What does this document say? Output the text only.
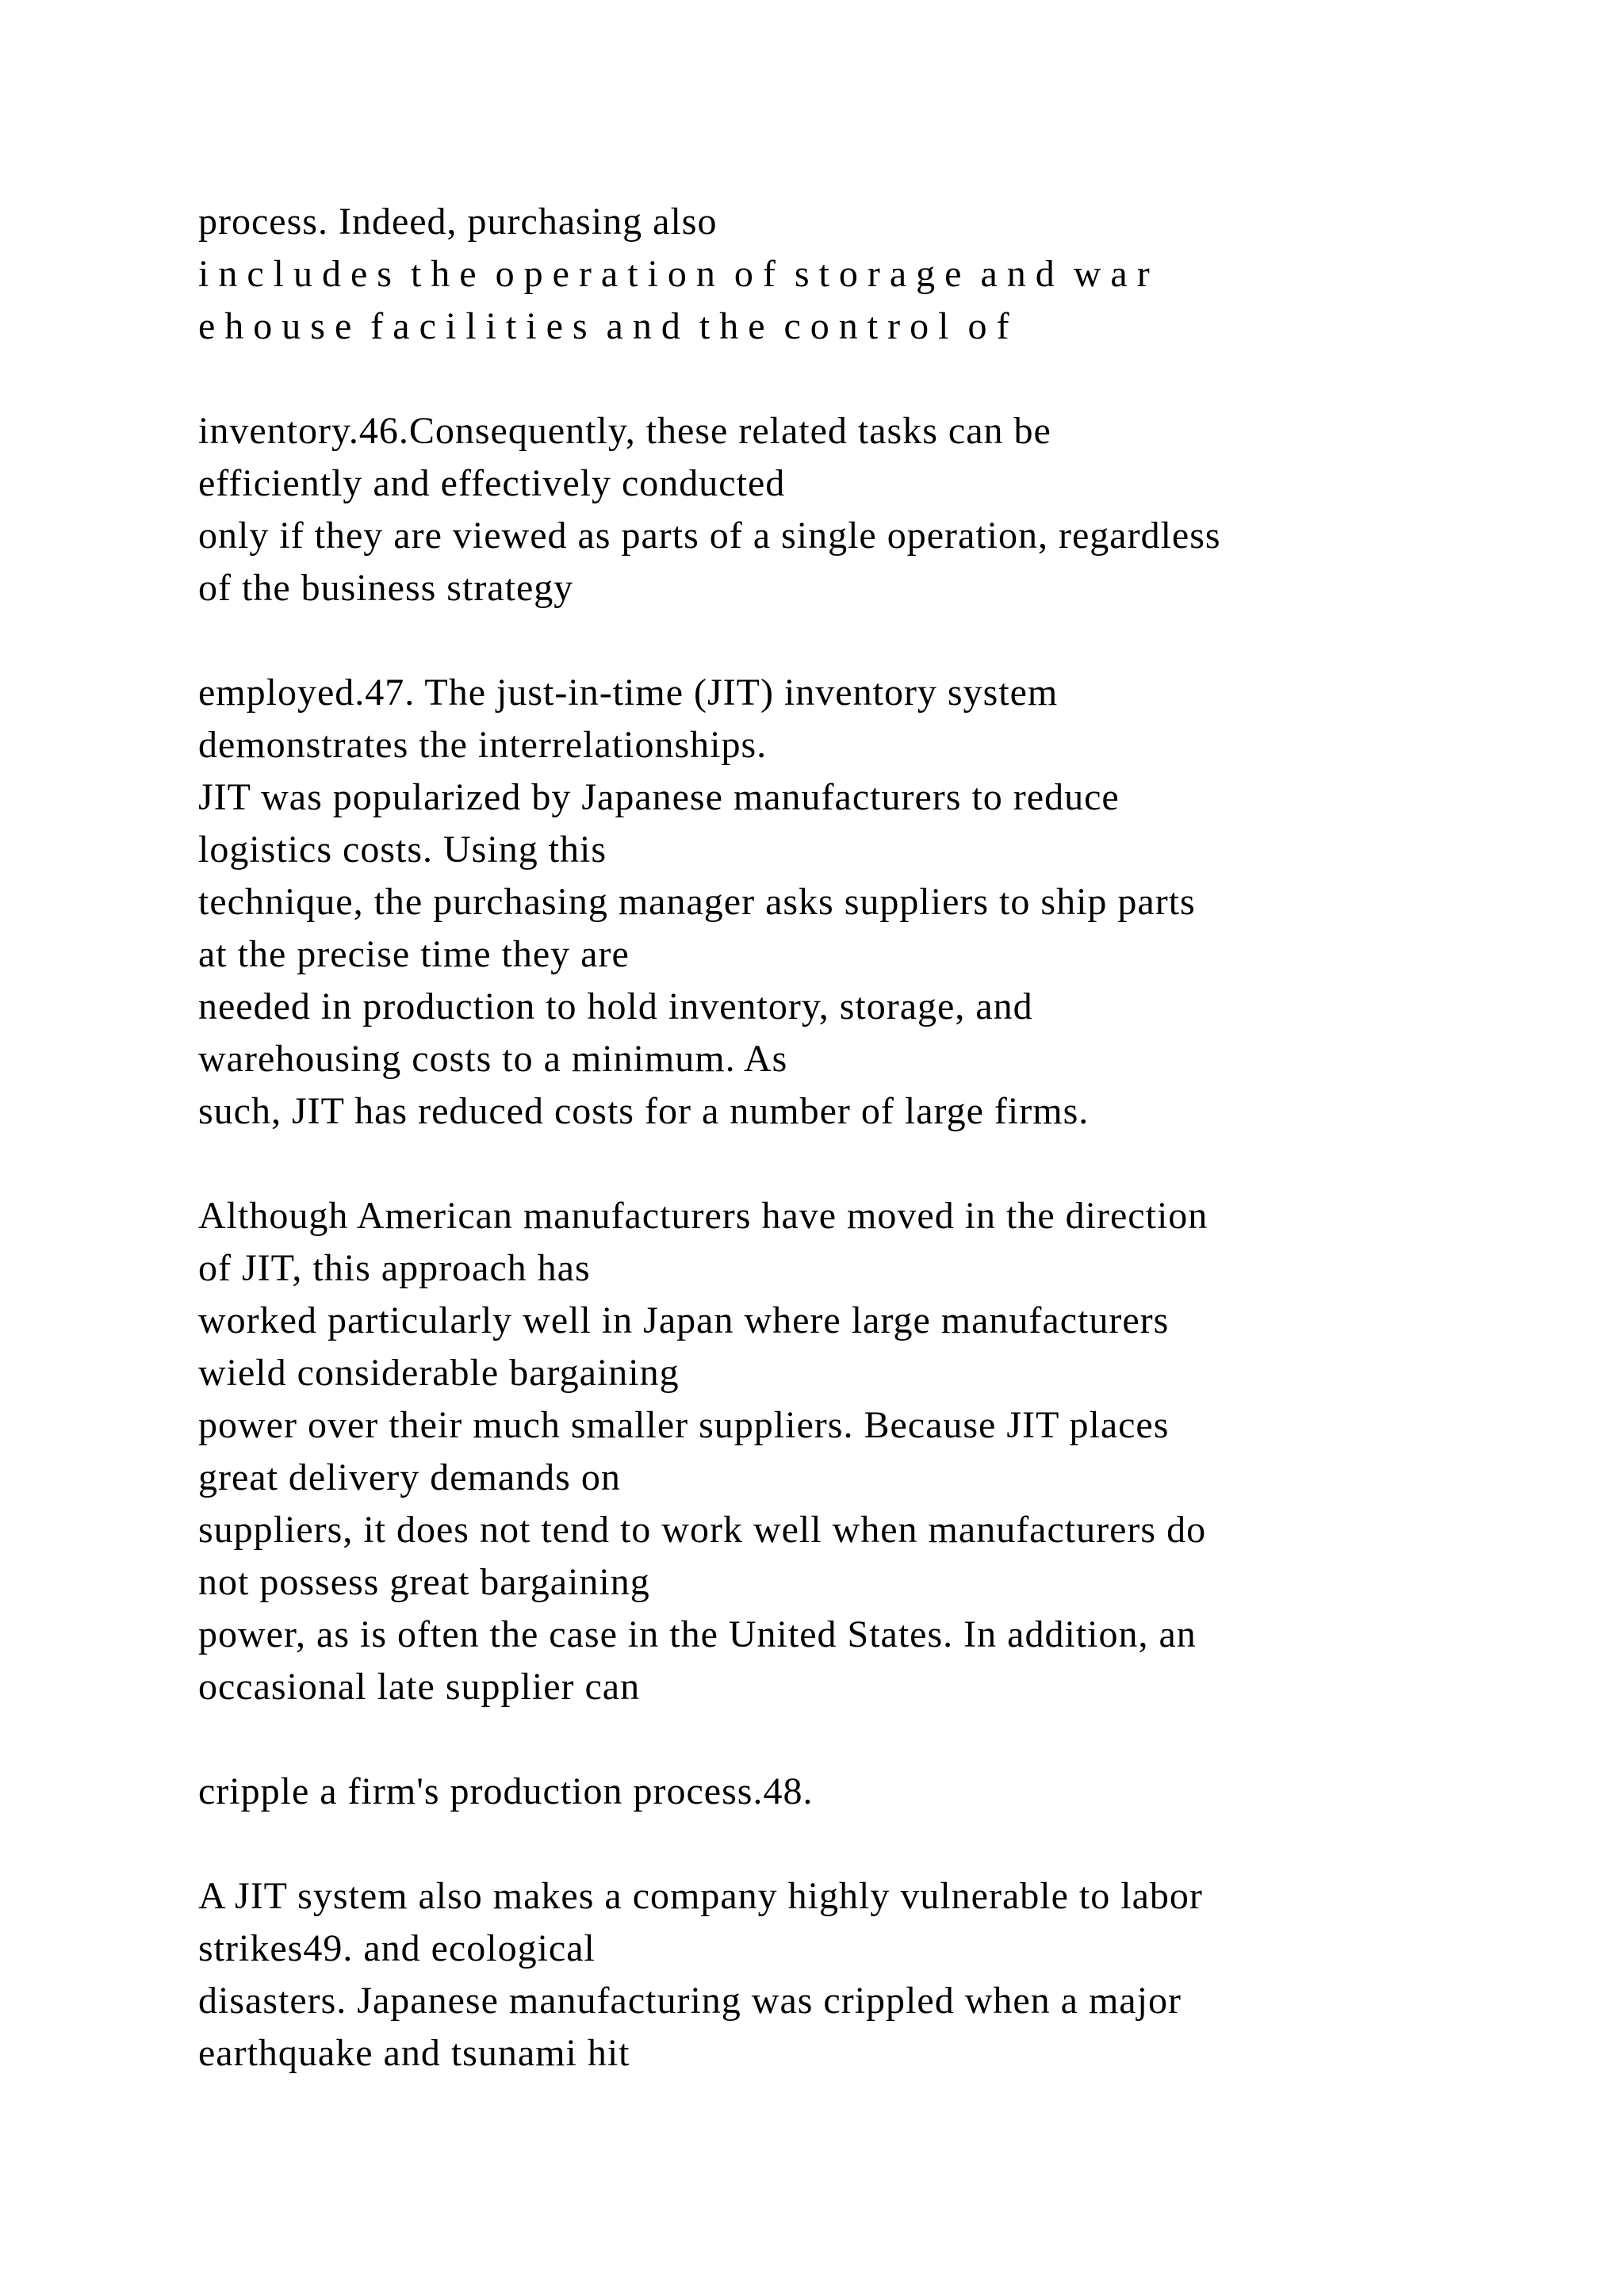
process. Indeed, purchasing also
i n c l u d e s  t h e  o p e r a t i o n  o f  s t o r a g e  a n d  w a r
e h o u s e  f a c i l i t i e s  a n d  t h e  c o n t r o l  o f
inventory.46.Consequently, these related tasks can be
efficiently and effectively conducted
only if they are viewed as parts of a single operation, regardless
of the business strategy
employed.47. The just-in-time (JIT) inventory system
demonstrates the interrelationships.
JIT was popularized by Japanese manufacturers to reduce
logistics costs. Using this
technique, the purchasing manager asks suppliers to ship parts
at the precise time they are
needed in production to hold inventory, storage, and
warehousing costs to a minimum. As
such, JIT has reduced costs for a number of large firms.
Although American manufacturers have moved in the direction
of JIT, this approach has
worked particularly well in Japan where large manufacturers
wield considerable bargaining
power over their much smaller suppliers. Because JIT places
great delivery demands on
suppliers, it does not tend to work well when manufacturers do
not possess great bargaining
power, as is often the case in the United States. In addition, an
occasional late supplier can
cripple a firm's production process.48.
A JIT system also makes a company highly vulnerable to labor
strikes49. and ecological
disasters. Japanese manufacturing was crippled when a major
earthquake and tsunami hit
